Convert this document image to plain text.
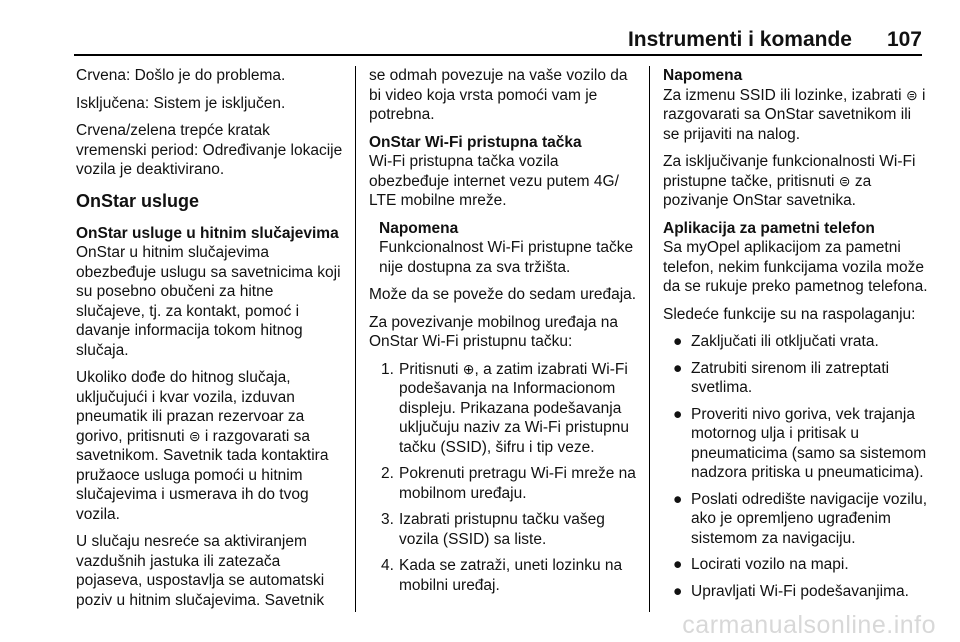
Instrumenti i komande 107

Crvena: Došlo je do problema.

Isključena: Sistem je isključen.

Crvena/zelena trepće kratak vremenski period: Određivanje lokacije vozila je deaktivirano.

OnStar usluge
OnStar usluge u hitnim slučajevima

OnStar u hitnim slučajevima obezbeđuje uslugu sa savetnicima koji su posebno obučeni za hitne slučajeve, tj. za kontakt, pomoć i davanje informacija tokom hitnog slučaja.

Ukoliko dođe do hitnog slučaja, uključujući i kvar vozila, izduvan pneumatik ili prazan rezervoar za gorivo, pritisnuti ⊜ i razgovarati sa savetnikom. Savetnik tada kontaktira pružaoce usluga pomoći u hitnim slučajevima i usmerava ih do tvog vozila.

U slučaju nesreće sa aktiviranjem vazdušnih jastuka ili zatezača pojaseva, uspostavlja se automatski poziv u hitnim slučajevima. Savetnik

se odmah povezuje na vaše vozilo da bi video koja vrsta pomoći vam je potrebna.

OnStar Wi-Fi pristupna tačka

Wi-Fi pristupna tačka vozila obezbeđuje internet vezu putem 4G/ LTE mobilne mreže.

Napomena
Funkcionalnost Wi-Fi pristupne tačke nije dostupna za sva tržišta.

Može da se poveže do sedam uređaja.

Za povezivanje mobilnog uređaja na OnStar Wi-Fi pristupnu tačku:

1. Pritisnuti ⊕, a zatim izabrati Wi-Fi podešavanja na Informacionom displeju. Prikazana podešavanja uključuju naziv za Wi-Fi pristupnu tačku (SSID), šifru i tip veze.
2. Pokrenuti pretragu Wi-Fi mreže na mobilnom uređaju.
3. Izabrati pristupnu tačku vašeg vozila (SSID) sa liste.
4. Kada se zatraži, uneti lozinku na mobilni uređaj.
Napomena
Za izmenu SSID ili lozinke, izabrati ⊜ i razgovarati sa OnStar savetnikom ili se prijaviti na nalog.

Za isključivanje funkcionalnosti Wi-Fi pristupne tačke, pritisnuti ⊜ za pozivanje OnStar savetnika.

Aplikacija za pametni telefon

Sa myOpel aplikacijom za pametni telefon, nekim funkcijama vozila može da se rukuje preko pametnog telefona.

Sledeće funkcije su na raspolaganju:

● Zaključati ili otključati vrata.
● Zatrubiti sirenom ili zatreptati svetlima.
● Proveriti nivo goriva, vek trajanja motornog ulja i pritisak u pneumaticima (samo sa sistemom nadzora pritiska u pneumaticima).
● Poslati odredište navigacije vozilu, ako je opremljeno ugrađenim sistemom za navigaciju.
● Locirati vozilo na mapi.
● Upravljati Wi-Fi podešavanjima.
carmanualsonline.info
